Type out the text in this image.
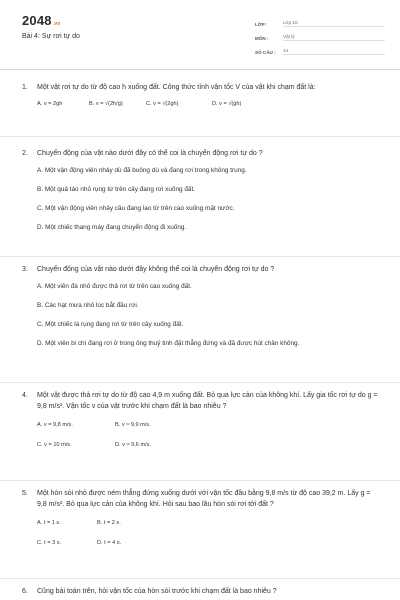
2048.vn
Bài 4: Sự rơi tự do
LỚP :	Lớp 10
MÔN :	Vật lý
SỐ CÂU :	14
1. Một vật rơi tự do từ độ cao h xuống đất. Công thức tính vận tốc V của vật khi chạm đất là:
A. v = 2gh	B. v = √(2h/g)	C. v = √(2gh)	D. v = √(gh)
2. Chuyển động của vật nào dưới đây có thể coi là chuyển động rơi tự do ?
A. Một vận động viên nhảy dù đã buông dù và đang rơi trong không trung.
B. Một quả táo nhỏ rụng từ trên cây đang rơi xuống đất.
C. Một vận động viên nhảy cầu đang lao từ trên cao xuống mặt nước.
D. Một chiếc thang máy đang chuyển động đi xuống.
3. Chuyển động của vật nào dưới đây không thể coi là chuyển động rơi tự do ?
A. Một viên đá nhỏ được thả rơi từ trên cao xuống đất.
B. Các hạt mưa nhỏ lúc bắt đầu rơi.
C. Một chiếc lá rụng đang rơi từ trên cây xuống đất.
D. Một viên bi chì đang rơi ở trong ống thuỷ tinh đặt thẳng đứng và đã được hút chân không.
4. Một vật được thả rơi tự do từ độ cao 4,9 m xuống đất. Bỏ qua lực cản của không khí. Lấy gia tốc rơi tự do g = 9,8 m/s². Vận tốc v của vật trước khi chạm đất là bao nhiêu ?
A. v = 9,8 m/s.	B. v ≈ 9,9 m/s.
C. v = 10 m/s.	D. v ≈ 9,6 m/s.
5. Một hòn sỏi nhỏ được ném thẳng đứng xuống dưới với vận tốc đầu bằng 9,8 m/s từ độ cao 39,2 m. Lấy g = 9,8 m/s². Bỏ qua lực cản của không khí. Hỏi sau bao lâu hòn sỏi rơi tới đất ?
A. t = 1 s.	B. t = 2 s.
C. t = 3 s.	D. t = 4 s.
6. Cũng bài toán trên, hỏi vận tốc của hòn sỏi trước khi chạm đất là bao nhiêu ?
